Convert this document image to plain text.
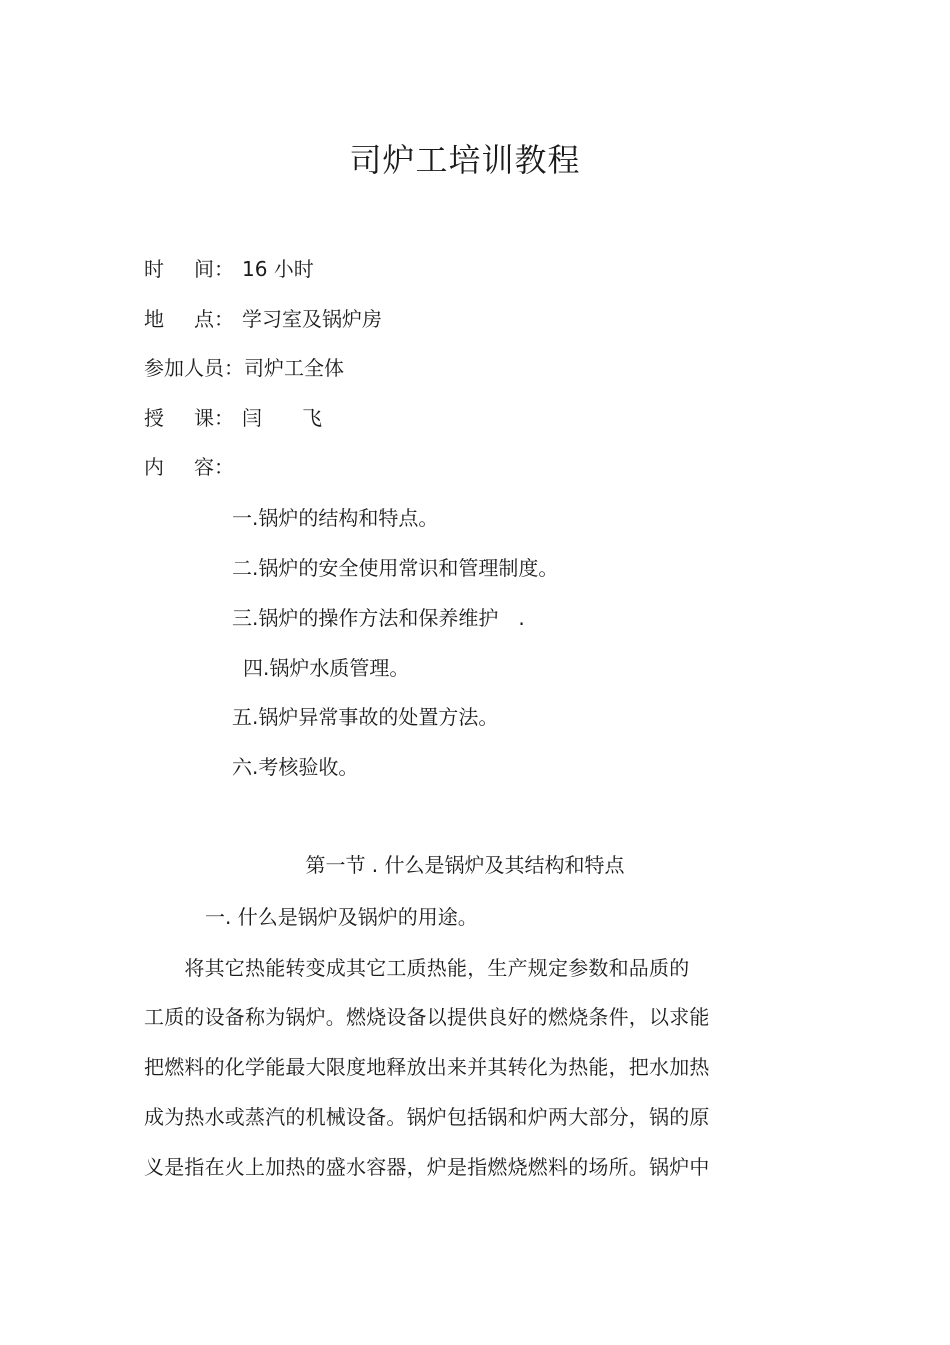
司炉工培训教程
时 间： 16 小时
地 点： 学习室及锅炉房
参加人员：司炉工全体
授 课： 闫　　飞
内 容：
一.锅炉的结构和特点。
二.锅炉的安全使用常识和管理制度。
三.锅炉的操作方法和保养维护　.
四.锅炉水质管理。
五.锅炉异常事故的处置方法。
六.考核验收。
第一节 . 什么是锅炉及其结构和特点
一. 什么是锅炉及锅炉的用途。
　　将其它热能转变成其它工质热能，生产规定参数和品质的
工质的设备称为锅炉。燃烧设备以提供良好的燃烧条件，以求能
把燃料的化学能最大限度地释放出来并其转化为热能，把水加热
成为热水或蒸汽的机械设备。锅炉包括锅和炉两大部分，锅的原
义是指在火上加热的盛水容器，炉是指燃烧燃料的场所。锅炉中
